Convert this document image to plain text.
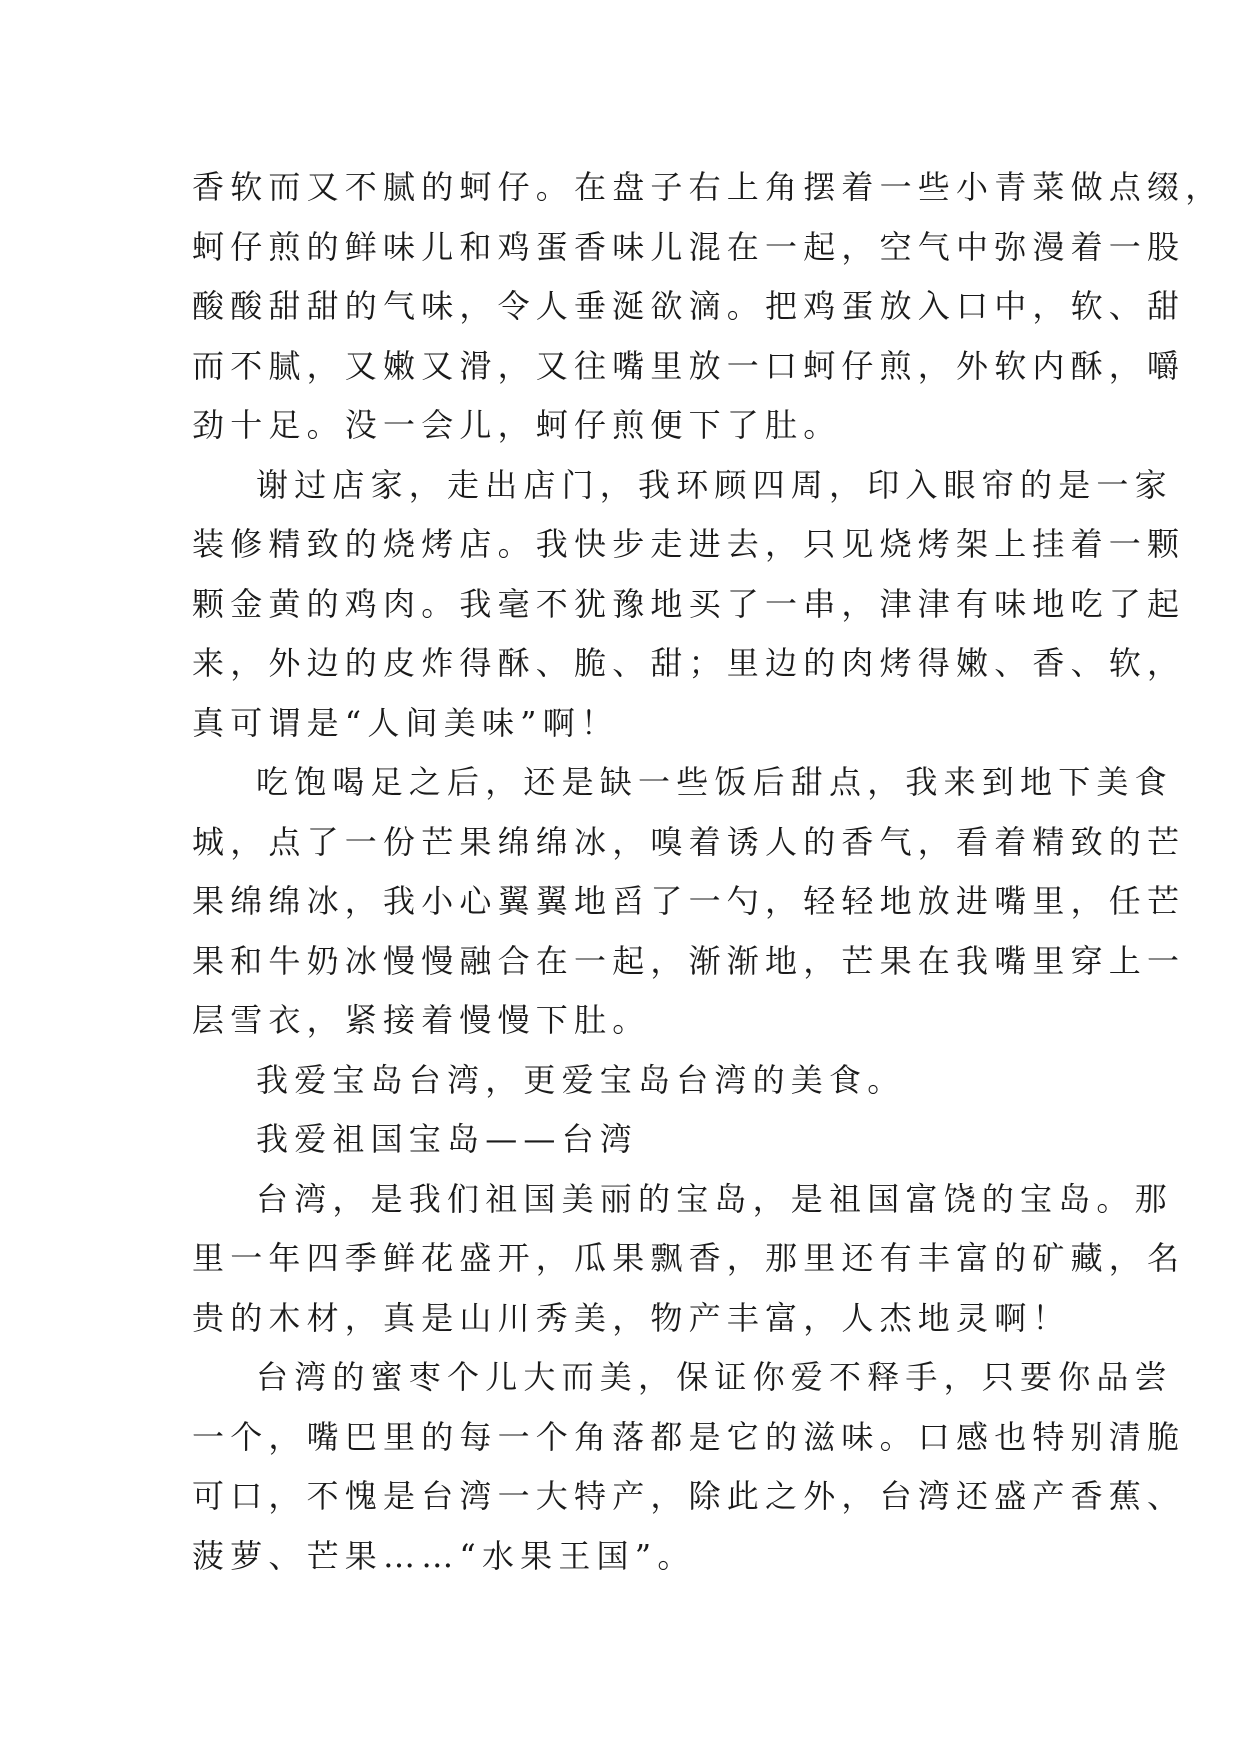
香软而又不腻的蚵仔。在盘子右上角摆着一些小青菜做点缀，
蚵仔煎的鲜味儿和鸡蛋香味儿混在一起，空气中弥漫着一股
酸酸甜甜的气味，令人垂涎欲滴。把鸡蛋放入口中，软、甜
而不腻，又嫩又滑，又往嘴里放一口蚵仔煎，外软内酥，嚼
劲十足。没一会儿，蚵仔煎便下了肚。
谢过店家，走出店门，我环顾四周，印入眼帘的是一家
装修精致的烧烤店。我快步走进去，只见烧烤架上挂着一颗
颗金黄的鸡肉。我毫不犹豫地买了一串，津津有味地吃了起
来，外边的皮炸得酥、脆、甜；里边的肉烤得嫩、香、软，
真可谓是“人间美味”啊！
吃饱喝足之后，还是缺一些饭后甜点，我来到地下美食
城，点了一份芒果绵绵冰，嗅着诱人的香气，看着精致的芒
果绵绵冰，我小心翼翼地舀了一勺，轻轻地放进嘴里，任芒
果和牛奶冰慢慢融合在一起，渐渐地，芒果在我嘴里穿上一
层雪衣，紧接着慢慢下肚。
我爱宝岛台湾，更爱宝岛台湾的美食。
我爱祖国宝岛——台湾
台湾，是我们祖国美丽的宝岛，是祖国富饶的宝岛。那
里一年四季鲜花盛开，瓜果飘香，那里还有丰富的矿藏，名
贵的木材，真是山川秀美，物产丰富，人杰地灵啊！
台湾的蜜枣个儿大而美，保证你爱不释手，只要你品尝
一个，嘴巴里的每一个角落都是它的滋味。口感也特别清脆
可口，不愧是台湾一大特产，除此之外，台湾还盛产香蕉、
菠萝、芒果……“水果王国”。
